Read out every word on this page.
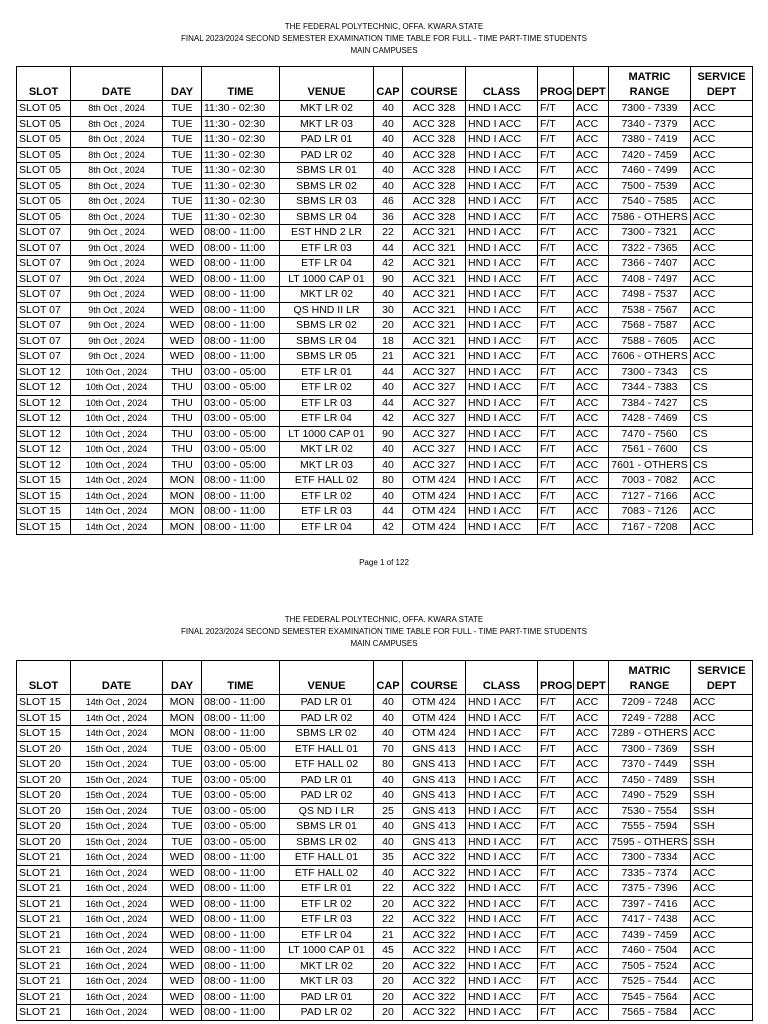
THE FEDERAL POLYTECHNIC, OFFA. KWARA STATE
FINAL 2023/2024 SECOND SEMESTER EXAMINATION TIME TABLE FOR FULL - TIME PART-TIME STUDENTS
MAIN CAMPUSES
SLOT	DATE	DAY	TIME	VENUE	CAP	COURSE	CLASS	PROG	DEPT	MATRIC RANGE	SERVICE DEPT
SLOT 05	8th Oct , 2024	TUE	11:30 - 02:30	MKT LR 02	40	ACC 328	HND I ACC	F/T	ACC	7300 - 7339	ACC
SLOT 05	8th Oct , 2024	TUE	11:30 - 02:30	MKT LR 03	40	ACC 328	HND I ACC	F/T	ACC	7340 - 7379	ACC
SLOT 05	8th Oct , 2024	TUE	11:30 - 02:30	PAD LR 01	40	ACC 328	HND I ACC	F/T	ACC	7380 - 7419	ACC
SLOT 05	8th Oct , 2024	TUE	11:30 - 02:30	PAD LR 02	40	ACC 328	HND I ACC	F/T	ACC	7420 - 7459	ACC
SLOT 05	8th Oct , 2024	TUE	11:30 - 02:30	SBMS LR 01	40	ACC 328	HND I ACC	F/T	ACC	7460 - 7499	ACC
SLOT 05	8th Oct , 2024	TUE	11:30 - 02:30	SBMS LR 02	40	ACC 328	HND I ACC	F/T	ACC	7500 - 7539	ACC
SLOT 05	8th Oct , 2024	TUE	11:30 - 02:30	SBMS LR 03	46	ACC 328	HND I ACC	F/T	ACC	7540 - 7585	ACC
SLOT 05	8th Oct , 2024	TUE	11:30 - 02:30	SBMS LR 04	36	ACC 328	HND I ACC	F/T	ACC	7586 - OTHERS	ACC
SLOT 07	9th Oct , 2024	WED	08:00 - 11:00	EST HND 2 LR	22	ACC 321	HND I ACC	F/T	ACC	7300 - 7321	ACC
SLOT 07	9th Oct , 2024	WED	08:00 - 11:00	ETF LR 03	44	ACC 321	HND I ACC	F/T	ACC	7322 - 7365	ACC
SLOT 07	9th Oct , 2024	WED	08:00 - 11:00	ETF LR 04	42	ACC 321	HND I ACC	F/T	ACC	7366 - 7407	ACC
SLOT 07	9th Oct , 2024	WED	08:00 - 11:00	LT 1000 CAP 01	90	ACC 321	HND I ACC	F/T	ACC	7408 - 7497	ACC
SLOT 07	9th Oct , 2024	WED	08:00 - 11:00	MKT LR 02	40	ACC 321	HND I ACC	F/T	ACC	7498 - 7537	ACC
SLOT 07	9th Oct , 2024	WED	08:00 - 11:00	QS HND II LR	30	ACC 321	HND I ACC	F/T	ACC	7538 - 7567	ACC
SLOT 07	9th Oct , 2024	WED	08:00 - 11:00	SBMS LR 02	20	ACC 321	HND I ACC	F/T	ACC	7568 - 7587	ACC
SLOT 07	9th Oct , 2024	WED	08:00 - 11:00	SBMS LR 04	18	ACC 321	HND I ACC	F/T	ACC	7588 - 7605	ACC
SLOT 07	9th Oct , 2024	WED	08:00 - 11:00	SBMS LR 05	21	ACC 321	HND I ACC	F/T	ACC	7606 - OTHERS	ACC
SLOT 12	10th Oct , 2024	THU	03:00 - 05:00	ETF LR 01	44	ACC 327	HND I ACC	F/T	ACC	7300 - 7343	CS
SLOT 12	10th Oct , 2024	THU	03:00 - 05:00	ETF LR 02	40	ACC 327	HND I ACC	F/T	ACC	7344 - 7383	CS
SLOT 12	10th Oct , 2024	THU	03:00 - 05:00	ETF LR 03	44	ACC 327	HND I ACC	F/T	ACC	7384 - 7427	CS
SLOT 12	10th Oct , 2024	THU	03:00 - 05:00	ETF LR 04	42	ACC 327	HND I ACC	F/T	ACC	7428 - 7469	CS
SLOT 12	10th Oct , 2024	THU	03:00 - 05:00	LT 1000 CAP 01	90	ACC 327	HND I ACC	F/T	ACC	7470 - 7560	CS
SLOT 12	10th Oct , 2024	THU	03:00 - 05:00	MKT LR 02	40	ACC 327	HND I ACC	F/T	ACC	7561 - 7600	CS
SLOT 12	10th Oct , 2024	THU	03:00 - 05:00	MKT LR 03	40	ACC 327	HND I ACC	F/T	ACC	7601 - OTHERS	CS
SLOT 15	14th Oct , 2024	MON	08:00 - 11:00	ETF HALL 02	80	OTM 424	HND I ACC	F/T	ACC	7003 - 7082	ACC
SLOT 15	14th Oct , 2024	MON	08:00 - 11:00	ETF LR 02	40	OTM 424	HND I ACC	F/T	ACC	7127 - 7166	ACC
SLOT 15	14th Oct , 2024	MON	08:00 - 11:00	ETF LR 03	44	OTM 424	HND I ACC	F/T	ACC	7083 - 7126	ACC
SLOT 15	14th Oct , 2024	MON	08:00 - 11:00	ETF LR 04	42	OTM 424	HND I ACC	F/T	ACC	7167 - 7208	ACC
Page 1 of 122
THE FEDERAL POLYTECHNIC, OFFA. KWARA STATE
FINAL 2023/2024 SECOND SEMESTER EXAMINATION TIME TABLE FOR FULL - TIME PART-TIME STUDENTS
MAIN CAMPUSES
SLOT	DATE	DAY	TIME	VENUE	CAP	COURSE	CLASS	PROG	DEPT	MATRIC RANGE	SERVICE DEPT
SLOT 15	14th Oct , 2024	MON	08:00 - 11:00	PAD LR 01	40	OTM 424	HND I ACC	F/T	ACC	7209 - 7248	ACC
SLOT 15	14th Oct , 2024	MON	08:00 - 11:00	PAD LR 02	40	OTM 424	HND I ACC	F/T	ACC	7249 - 7288	ACC
SLOT 15	14th Oct , 2024	MON	08:00 - 11:00	SBMS LR 02	40	OTM 424	HND I ACC	F/T	ACC	7289 - OTHERS	ACC
SLOT 20	15th Oct , 2024	TUE	03:00 - 05:00	ETF HALL 01	70	GNS 413	HND I ACC	F/T	ACC	7300 - 7369	SSH
SLOT 20	15th Oct , 2024	TUE	03:00 - 05:00	ETF HALL 02	80	GNS 413	HND I ACC	F/T	ACC	7370 - 7449	SSH
SLOT 20	15th Oct , 2024	TUE	03:00 - 05:00	PAD LR 01	40	GNS 413	HND I ACC	F/T	ACC	7450 - 7489	SSH
SLOT 20	15th Oct , 2024	TUE	03:00 - 05:00	PAD LR 02	40	GNS 413	HND I ACC	F/T	ACC	7490 - 7529	SSH
SLOT 20	15th Oct , 2024	TUE	03:00 - 05:00	QS ND I LR	25	GNS 413	HND I ACC	F/T	ACC	7530 - 7554	SSH
SLOT 20	15th Oct , 2024	TUE	03:00 - 05:00	SBMS LR 01	40	GNS 413	HND I ACC	F/T	ACC	7555 - 7594	SSH
SLOT 20	15th Oct , 2024	TUE	03:00 - 05:00	SBMS LR 02	40	GNS 413	HND I ACC	F/T	ACC	7595 - OTHERS	SSH
SLOT 21	16th Oct , 2024	WED	08:00 - 11:00	ETF HALL 01	35	ACC 322	HND I ACC	F/T	ACC	7300 - 7334	ACC
SLOT 21	16th Oct , 2024	WED	08:00 - 11:00	ETF HALL 02	40	ACC 322	HND I ACC	F/T	ACC	7335 - 7374	ACC
SLOT 21	16th Oct , 2024	WED	08:00 - 11:00	ETF LR 01	22	ACC 322	HND I ACC	F/T	ACC	7375 - 7396	ACC
SLOT 21	16th Oct , 2024	WED	08:00 - 11:00	ETF LR 02	20	ACC 322	HND I ACC	F/T	ACC	7397 - 7416	ACC
SLOT 21	16th Oct , 2024	WED	08:00 - 11:00	ETF LR 03	22	ACC 322	HND I ACC	F/T	ACC	7417 - 7438	ACC
SLOT 21	16th Oct , 2024	WED	08:00 - 11:00	ETF LR 04	21	ACC 322	HND I ACC	F/T	ACC	7439 - 7459	ACC
SLOT 21	16th Oct , 2024	WED	08:00 - 11:00	LT 1000 CAP 01	45	ACC 322	HND I ACC	F/T	ACC	7460 - 7504	ACC
SLOT 21	16th Oct , 2024	WED	08:00 - 11:00	MKT LR 02	20	ACC 322	HND I ACC	F/T	ACC	7505 - 7524	ACC
SLOT 21	16th Oct , 2024	WED	08:00 - 11:00	MKT LR 03	20	ACC 322	HND I ACC	F/T	ACC	7525 - 7544	ACC
SLOT 21	16th Oct , 2024	WED	08:00 - 11:00	PAD LR 01	20	ACC 322	HND I ACC	F/T	ACC	7545 - 7564	ACC
SLOT 21	16th Oct , 2024	WED	08:00 - 11:00	PAD LR 02	20	ACC 322	HND I ACC	F/T	ACC	7565 - 7584	ACC
